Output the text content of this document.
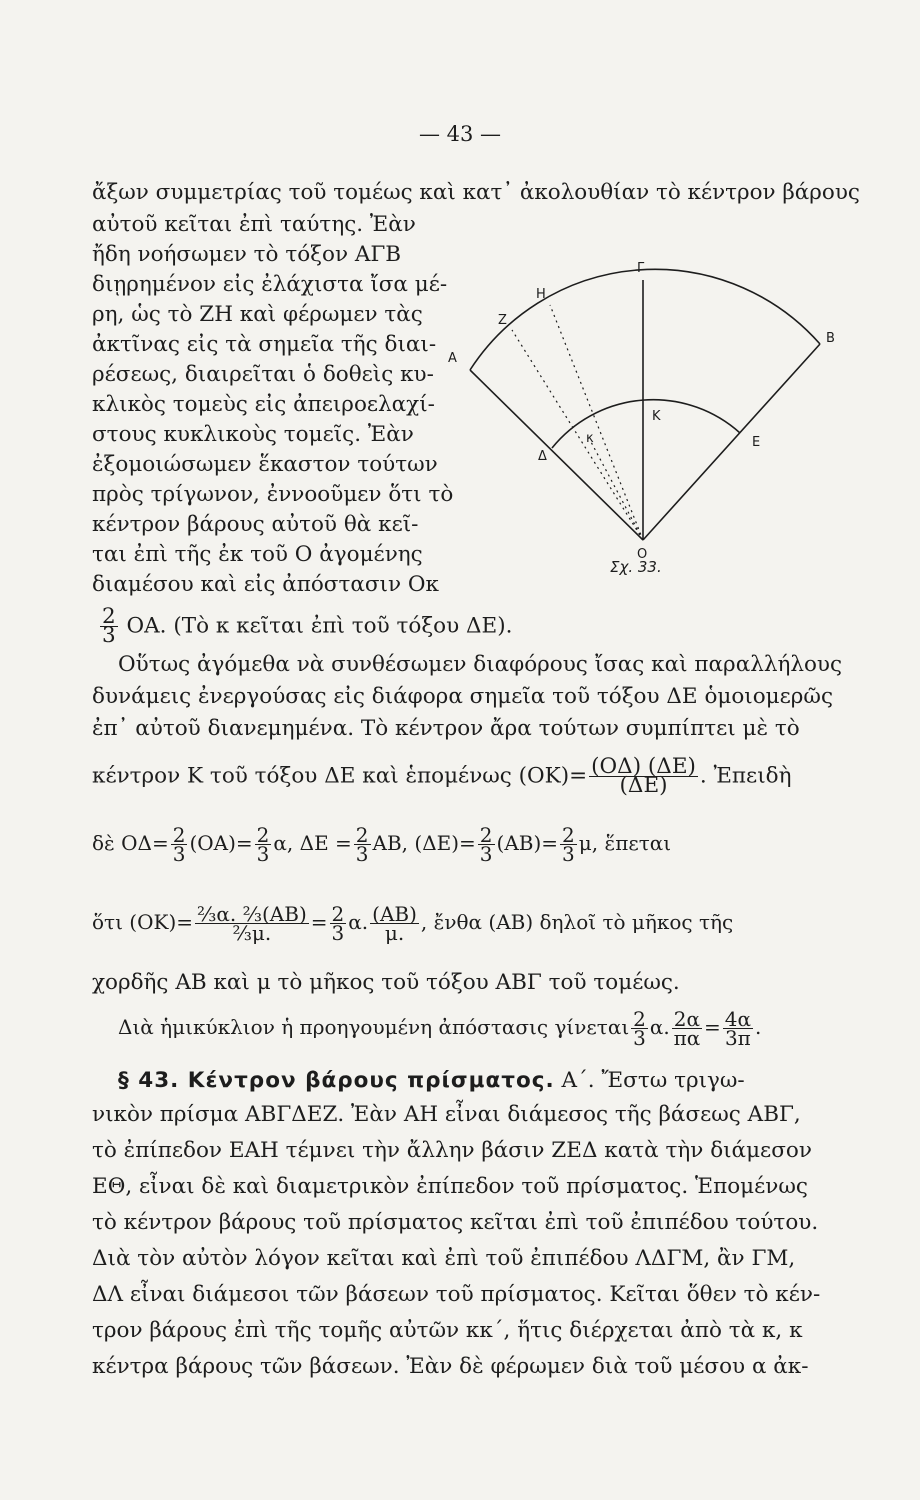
— 43 —
ἄξων συμμετρίας τοῦ τομέως καὶ κατ᾽ ἀκολουθίαν τὸ κέντρον βάρους
αὐτοῦ κεῖται ἐπὶ ταύτης. Ἐὰν
ἤδη νοήσωμεν τὸ τόξον ΑΓΒ
διῃρημένον εἰς ἐλάχιστα ἴσα μέ-
ρη, ὡς τὸ ΖΗ καὶ φέρωμεν τὰς
ἀκτῖνας εἰς τὰ σημεῖα τῆς διαι-
ρέσεως, διαιρεῖται ὁ δοθεὶς κυ-
κλικὸς τομεὺς εἰς ἀπειροελαχί-
στους κυκλικοὺς τομεῖς. Ἐὰν
ἐξομοιώσωμεν ἕκαστον τούτων
πρὸς τρίγωνον, ἐννοοῦμεν ὅτι τὸ
κέντρον βάρους αὐτοῦ θὰ κεῖ-
ται ἐπὶ τῆς ἐκ τοῦ Ο ἀγομένης
διαμέσου καὶ εἰς ἀπόστασιν Οκ
$\frac{2}{3} OA$. (Τὸ κ κεῖται ἐπὶ τοῦ τόξου ΔΕ).
Α
Β
Γ
Ζ
Η
Δ
Ε
Κ
κ
Ο
Σχ. 33.
Οὕτως ἀγόμεθα νὰ συνθέσωμεν διαφόρους ἴσας καὶ παραλλήλους
δυνάμεις ἐνεργούσας εἰς διάφορα σημεῖα τοῦ τόξου ΔΕ ὁμοιομερῶς
ἐπ᾽ αὐτοῦ διανεμημένα. Τὸ κέντρον ἄρα τούτων συμπίπτει μὲ τὸ
κέντρον Κ τοῦ τόξου ΔΕ καὶ ἑπομένως $(OK)= \frac{(O\Delta) (\Delta E)}{(\Delta E)}$ . Ἐπειδὴ
δὲ $O\Delta= \frac{2}{3} (OA)= \frac{2}{3} \alpha$, $\Delta E = \frac{2}{3} AB$, $(\Delta E)= \frac{2}{3} (AB)= \frac{2}{3} \mu$, ἕπεται
ὅτι $(OK)= \frac{\text{⅔α. ⅔(ΑΒ)}}{\text{⅔μ.}} = \frac{2}{3} \alpha$. $\frac{(AB)}{\mu.}$ , ἔνθα (ΑΒ) δηλοῖ τὸ μῆκος τῆς
χορδῆς ΑΒ καὶ μ τὸ μῆκος τοῦ τόξου ΑΒΓ τοῦ τομέως.
Διὰ ἡμικύκλιον ἡ προηγουμένη ἀπόστασις γίνεται $\frac{2}{3} \alpha$. $\frac{2\alpha}{\pi\alpha} = \frac{4\alpha}{3\pi}$ .
§ 43. Κέντρον βάρους πρίσματος. Α΄. Ἔστω τριγω-
νικὸν πρίσμα ΑΒΓΔΕΖ. Ἐὰν ΑΗ εἶναι διάμεσος τῆς βάσεως ΑΒΓ,
τὸ ἐπίπεδον ΕΑΗ τέμνει τὴν ἄλλην βάσιν ΖΕΔ κατὰ τὴν διάμεσον
ΕΘ, εἶναι δὲ καὶ διαμετρικὸν ἐπίπεδον τοῦ πρίσματος. Ἑπομένως
τὸ κέντρον βάρους τοῦ πρίσματος κεῖται ἐπὶ τοῦ ἐπιπέδου τούτου.
Διὰ τὸν αὐτὸν λόγον κεῖται καὶ ἐπὶ τοῦ ἐπιπέδου ΛΔΓΜ, ἂν ΓΜ,
ΔΛ εἶναι διάμεσοι τῶν βάσεων τοῦ πρίσματος. Κεῖται ὅθεν τὸ κέν-
τρον βάρους ἐπὶ τῆς τομῆς αὐτῶν κκ΄, ἥτις διέρχεται ἀπὸ τὰ κ, κ
κέντρα βάρους τῶν βάσεων. Ἐὰν δὲ φέρωμεν διὰ τοῦ μέσου α ἀκ-
